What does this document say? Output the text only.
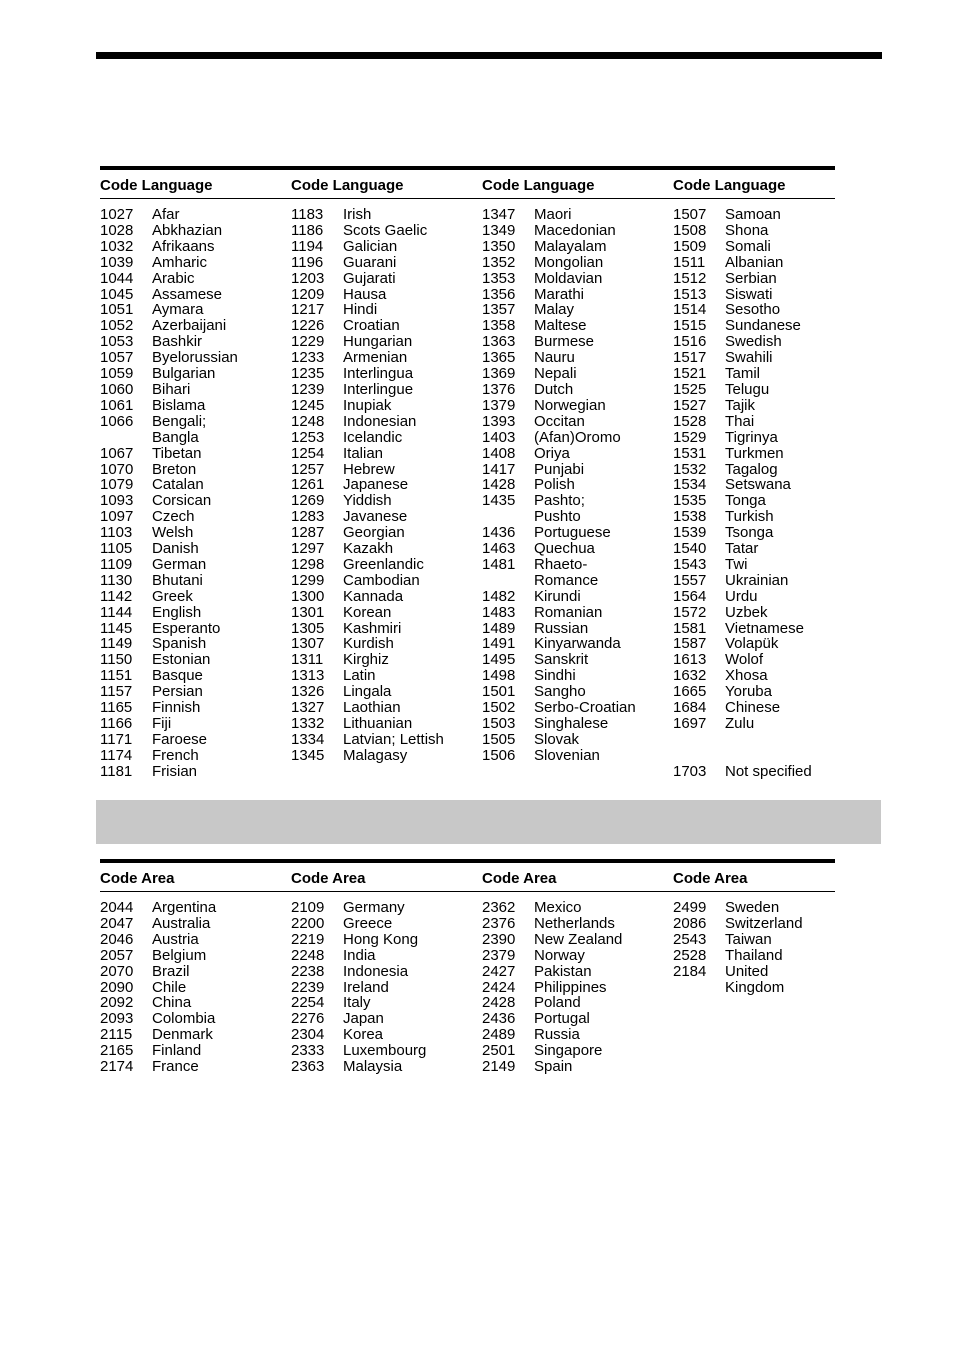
Code Language	Code Language	Code Language	Code Language
1027	Afar
1028	Abkhazian
1032	Afrikaans
1039	Amharic
1044	Arabic
1045	Assamese
1051	Aymara
1052	Azerbaijani
1053	Bashkir
1057	Byelorussian
1059	Bulgarian
1060	Bihari
1061	Bislama
1066	Bengali;
Bangla
1067	Tibetan
1070	Breton
1079	Catalan
1093	Corsican
1097	Czech
1103	Welsh
1105	Danish
1109	German
1130	Bhutani
1142	Greek
1144	English
1145	Esperanto
1149	Spanish
1150	Estonian
1151	Basque
1157	Persian
1165	Finnish
1166	Fiji
1171	Faroese
1174	French
1181	Frisian
1183	Irish
1186	Scots Gaelic
1194	Galician
1196	Guarani
1203	Gujarati
1209	Hausa
1217	Hindi
1226	Croatian
1229	Hungarian
1233	Armenian
1235	Interlingua
1239	Interlingue
1245	Inupiak
1248	Indonesian
1253	Icelandic
1254	Italian
1257	Hebrew
1261	Japanese
1269	Yiddish
1283	Javanese
1287	Georgian
1297	Kazakh
1298	Greenlandic
1299	Cambodian
1300	Kannada
1301	Korean
1305	Kashmiri
1307	Kurdish
1311	Kirghiz
1313	Latin
1326	Lingala
1327	Laothian
1332	Lithuanian
1334	Latvian; Lettish
1345	Malagasy
1347	Maori
1349	Macedonian
1350	Malayalam
1352	Mongolian
1353	Moldavian
1356	Marathi
1357	Malay
1358	Maltese
1363	Burmese
1365	Nauru
1369	Nepali
1376	Dutch
1379	Norwegian
1393	Occitan
1403	(Afan)Oromo
1408	Oriya
1417	Punjabi
1428	Polish
1435	Pashto;
Pushto
1436	Portuguese
1463	Quechua
1481	Rhaeto-
Romance
1482	Kirundi
1483	Romanian
1489	Russian
1491	Kinyarwanda
1495	Sanskrit
1498	Sindhi
1501	Sangho
1502	Serbo-Croatian
1503	Singhalese
1505	Slovak
1506	Slovenian
1507	Samoan
1508	Shona
1509	Somali
1511	Albanian
1512	Serbian
1513	Siswati
1514	Sesotho
1515	Sundanese
1516	Swedish
1517	Swahili
1521	Tamil
1525	Telugu
1527	Tajik
1528	Thai
1529	Tigrinya
1531	Turkmen
1532	Tagalog
1534	Setswana
1535	Tonga
1538	Turkish
1539	Tsonga
1540	Tatar
1543	Twi
1557	Ukrainian
1564	Urdu
1572	Uzbek
1581	Vietnamese
1587	Volapük
1613	Wolof
1632	Xhosa
1665	Yoruba
1684	Chinese
1697	Zulu
1703	Not specified
Code Area	Code Area	Code Area	Code Area
2044	Argentina
2047	Australia
2046	Austria
2057	Belgium
2070	Brazil
2090	Chile
2092	China
2093	Colombia
2115	Denmark
2165	Finland
2174	France
2109	Germany
2200	Greece
2219	Hong Kong
2248	India
2238	Indonesia
2239	Ireland
2254	Italy
2276	Japan
2304	Korea
2333	Luxembourg
2363	Malaysia
2362	Mexico
2376	Netherlands
2390	New Zealand
2379	Norway
2427	Pakistan
2424	Philippines
2428	Poland
2436	Portugal
2489	Russia
2501	Singapore
2149	Spain
2499	Sweden
2086	Switzerland
2543	Taiwan
2528	Thailand
2184	United
Kingdom
